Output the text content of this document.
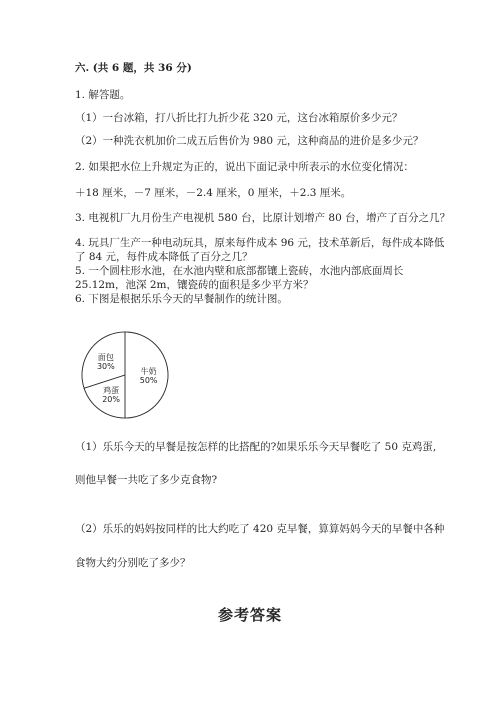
六. (共 6 题，共 36 分)
1. 解答题。
（1）一台冰箱，打八折比打九折少花 320 元，这台冰箱原价多少元？
（2）一种洗衣机加价二成五后售价为 980 元，这种商品的进价是多少元？
2. 如果把水位上升规定为正的，说出下面记录中所表示的水位变化情况：
＋18 厘米，－7 厘米，－2.4 厘米，0 厘米，＋2.3 厘米。
3. 电视机厂九月份生产电视机 580 台，比原计划增产 80 台，增产了百分之几？
4. 玩具厂生产一种电动玩具，原来每件成本 96 元，技术革新后，每件成本降低
了 84 元，每件成本降低了百分之几？
5. 一个圆柱形水池，在水池内壁和底部都镶上瓷砖，水池内部底面周长
25.12m，池深 2m，镶瓷砖的面积是多少平方米？
6. 下图是根据乐乐今天的早餐制作的统计图。
牛奶
50%
鸡蛋
20%
面包
30%
（1）乐乐今天的早餐是按怎样的比搭配的?如果乐乐今天早餐吃了 50 克鸡蛋,
则他早餐一共吃了多少克食物?
（2）乐乐的妈妈按同样的比大约吃了 420 克早餐，算算妈妈今天的早餐中各种
食物大约分别吃了多少？
参考答案
